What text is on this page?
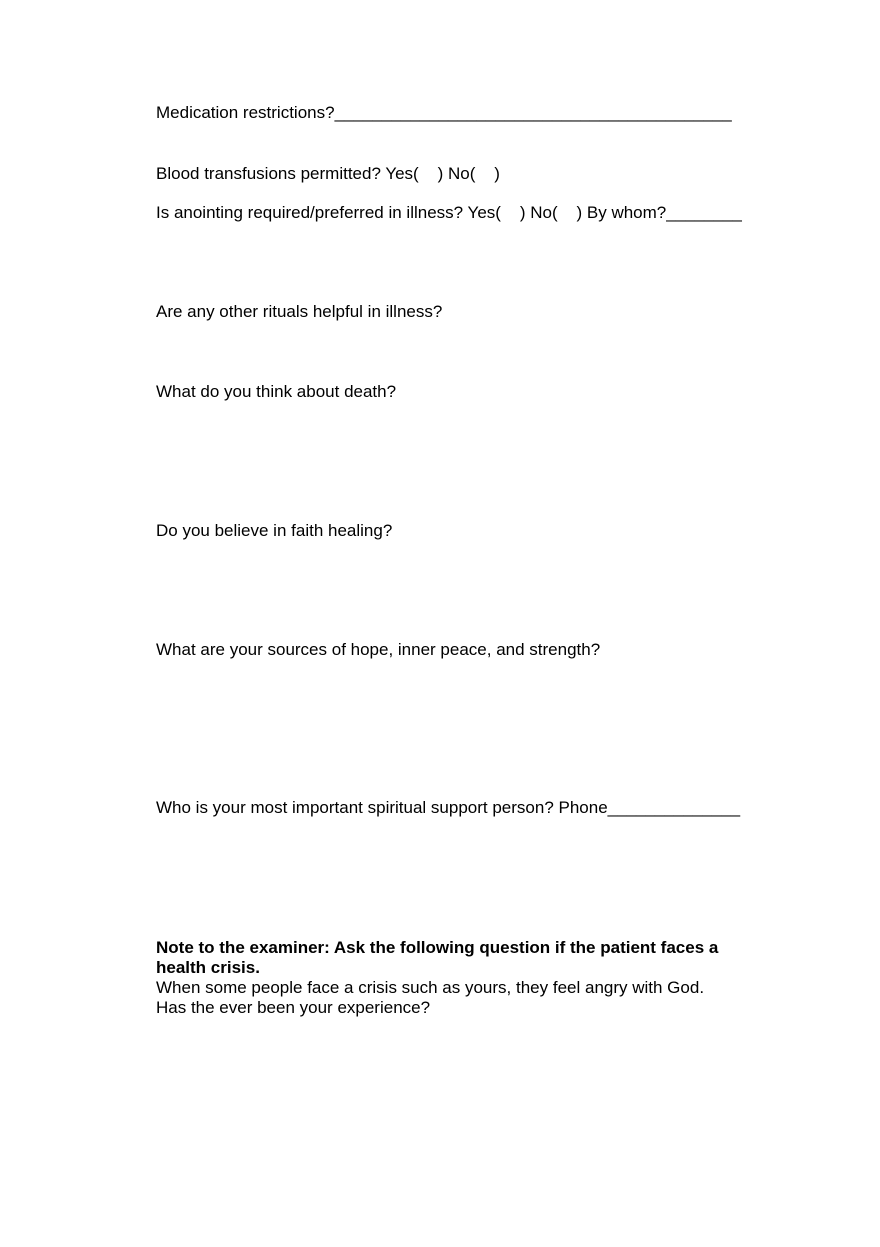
Medication restrictions?__________________________________________

Blood transfusions permitted? Yes(    ) No(    )

Is anointing required/preferred in illness? Yes(    ) No(    ) By whom?________

Are any other rituals helpful in illness?

What do you think about death?

Do you believe in faith healing?

What are your sources of hope, inner peace, and strength?

Who is your most important spiritual support person? Phone______________

Note to the examiner: Ask the following question if the patient faces a health crisis.
When some people face a crisis such as yours, they feel angry with God.
Has the ever been your experience?
